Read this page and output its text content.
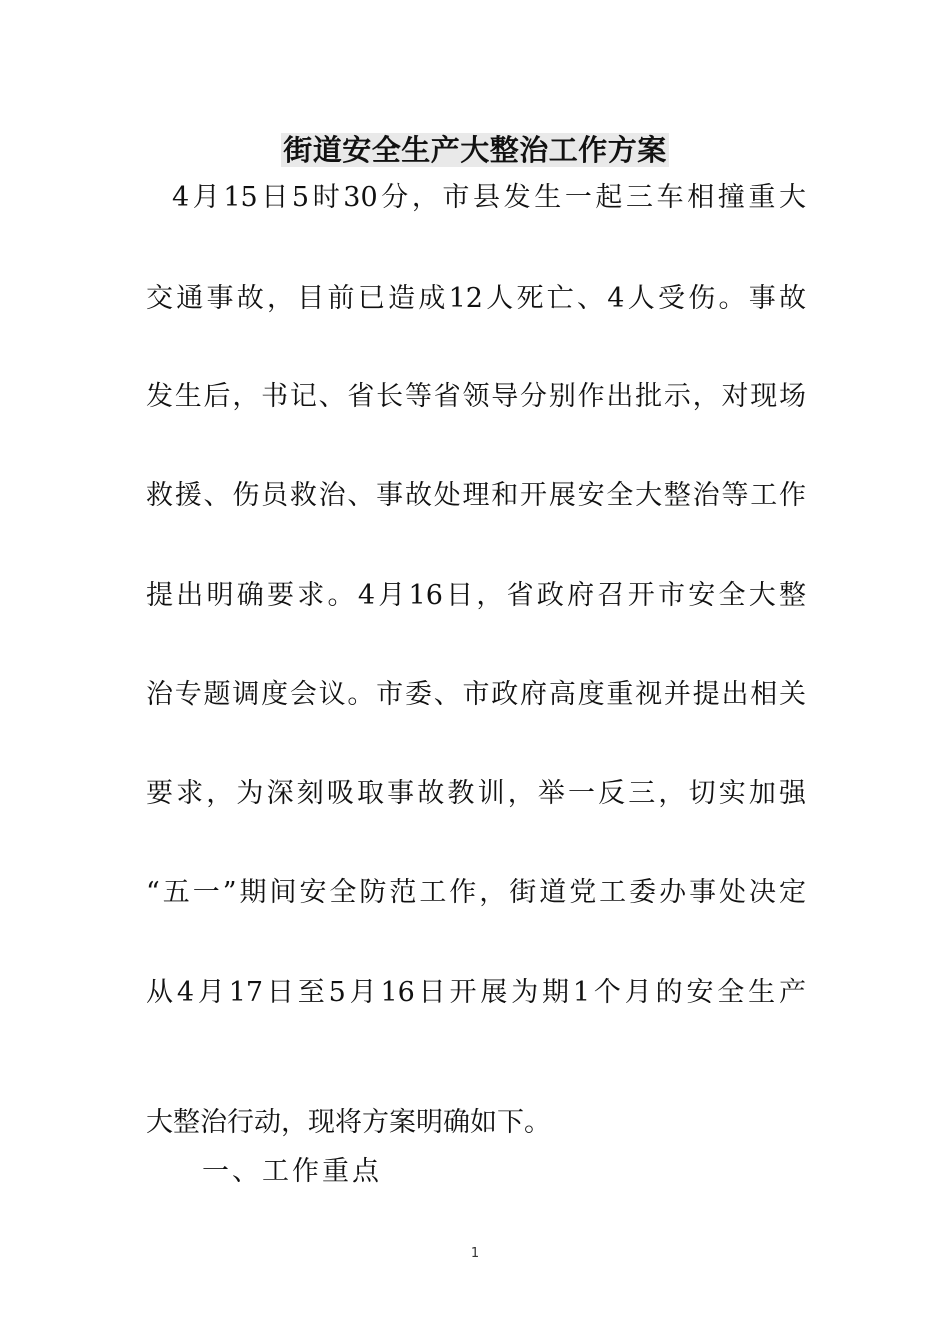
街道安全生产大整治工作方案
4月15日5时30分，市县发生一起三车相撞重大
交通事故，目前已造成12人死亡、4人受伤。事故
发生后，书记、省长等省领导分别作出批示，对现场
救援、伤员救治、事故处理和开展安全大整治等工作
提出明确要求。4月16日，省政府召开市安全大整
治专题调度会议。市委、市政府高度重视并提出相关
要求，为深刻吸取事故教训，举一反三，切实加强
“五一”期间安全防范工作，街道党工委办事处决定
从4月17日至5月16日开展为期1个月的安全生产
大整治行动，现将方案明确如下。
一、工作重点
1
